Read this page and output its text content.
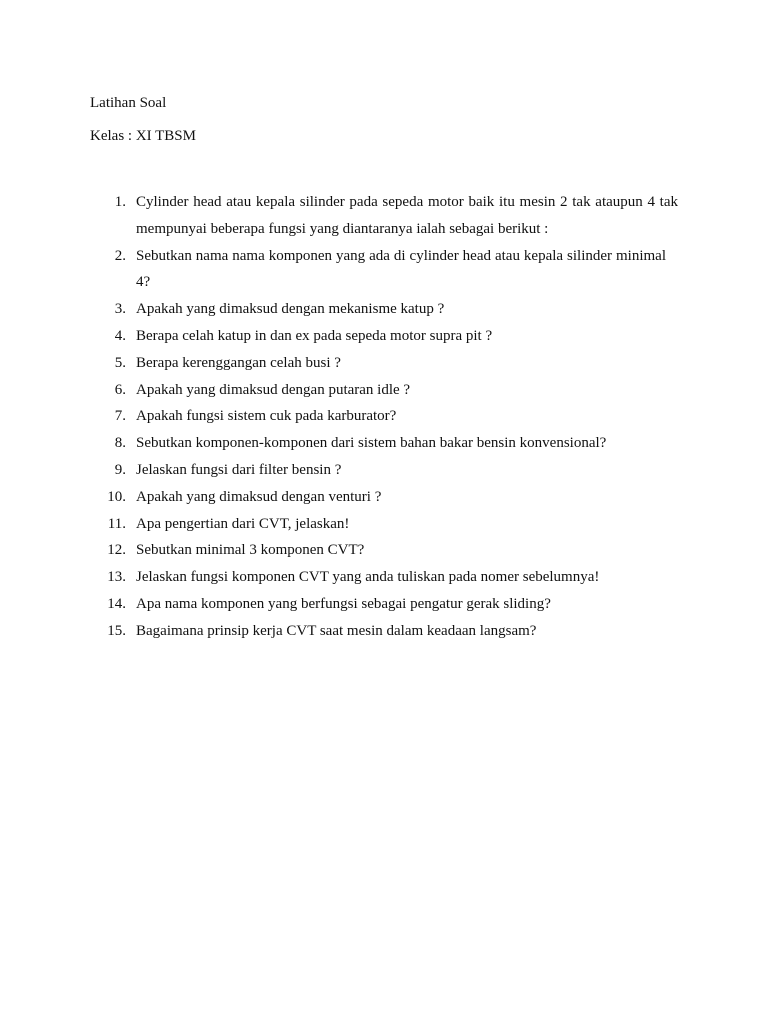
Latihan Soal

Kelas : XI TBSM

1. Cylinder head atau kepala silinder pada sepeda motor baik itu mesin 2 tak ataupun 4 tak mempunyai beberapa fungsi yang diantaranya ialah sebagai berikut :
2. Sebutkan nama nama komponen yang ada di cylinder head atau kepala silinder minimal 4?
3. Apakah yang dimaksud dengan mekanisme katup ?
4. Berapa celah katup in dan ex pada sepeda motor supra pit ?
5. Berapa kerenggangan celah busi ?
6. Apakah yang dimaksud dengan putaran idle ?
7. Apakah fungsi sistem cuk pada karburator?
8. Sebutkan komponen-komponen dari sistem bahan bakar bensin konvensional?
9. Jelaskan fungsi dari filter bensin ?
10. Apakah yang dimaksud dengan venturi ?
11. Apa pengertian dari CVT, jelaskan!
12. Sebutkan minimal 3 komponen CVT?
13. Jelaskan fungsi komponen CVT yang anda tuliskan pada nomer sebelumnya!
14. Apa nama komponen yang berfungsi sebagai pengatur gerak sliding?
15. Bagaimana prinsip kerja CVT saat mesin dalam keadaan langsam?
